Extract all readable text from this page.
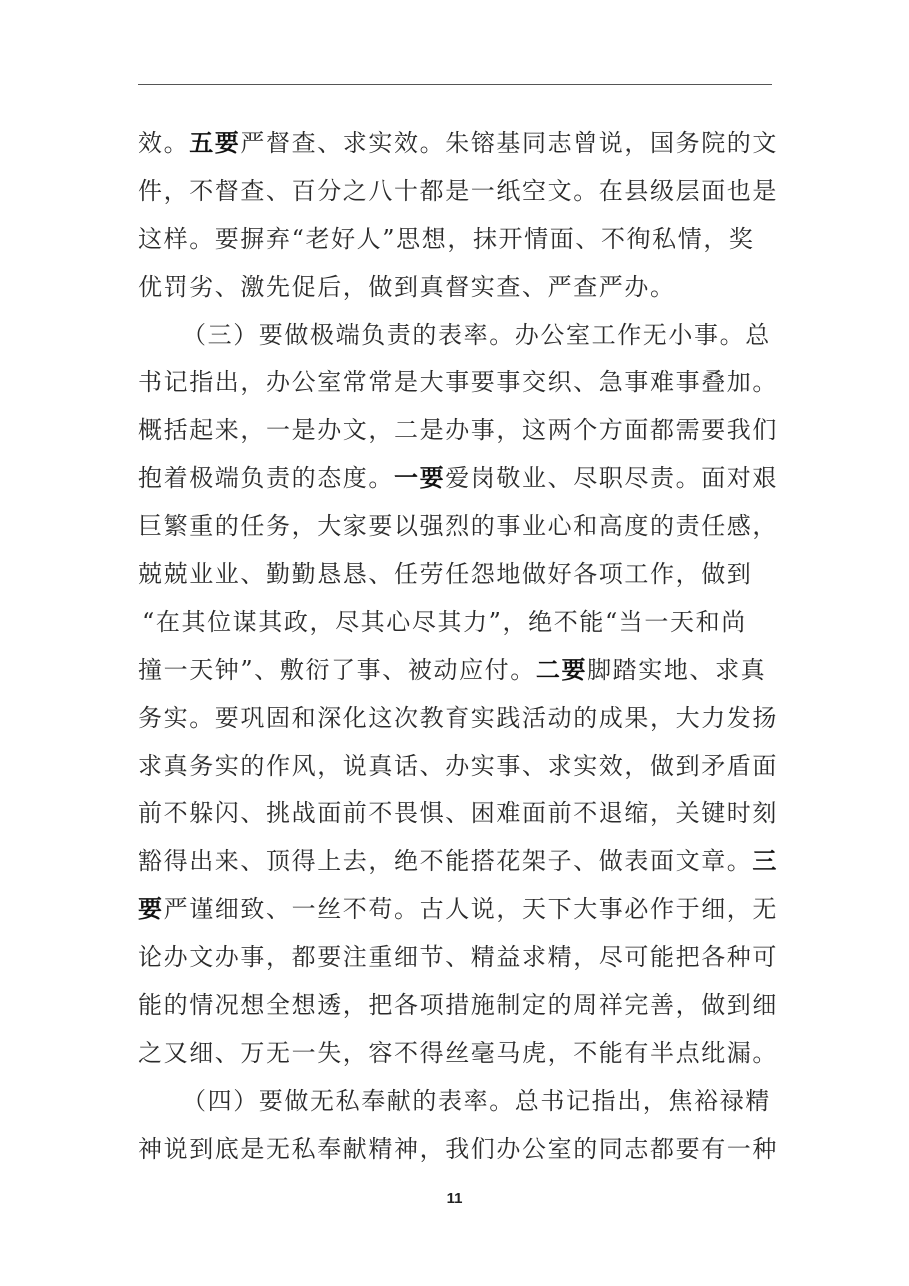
效。五要严督查、求实效。朱镕基同志曾说，国务院的文
件，不督查、百分之八十都是一纸空文。在县级层面也是
这样。要摒弃“老好人”思想，抹开情面、不徇私情，奖
优罚劣、激先促后，做到真督实查、严查严办。
（三）要做极端负责的表率。办公室工作无小事。总
书记指出，办公室常常是大事要事交织、急事难事叠加。
概括起来，一是办文，二是办事，这两个方面都需要我们
抱着极端负责的态度。一要爱岗敬业、尽职尽责。面对艰
巨繁重的任务，大家要以强烈的事业心和高度的责任感，
兢兢业业、勤勤恳恳、任劳任怨地做好各项工作，做到
“在其位谋其政，尽其心尽其力”，绝不能“当一天和尚
撞一天钟”、敷衍了事、被动应付。二要脚踏实地、求真
务实。要巩固和深化这次教育实践活动的成果，大力发扬
求真务实的作风，说真话、办实事、求实效，做到矛盾面
前不躲闪、挑战面前不畏惧、困难面前不退缩，关键时刻
豁得出来、顶得上去，绝不能搭花架子、做表面文章。三
要严谨细致、一丝不苟。古人说，天下大事必作于细，无
论办文办事，都要注重细节、精益求精，尽可能把各种可
能的情况想全想透，把各项措施制定的周祥完善，做到细
之又细、万无一失，容不得丝毫马虎，不能有半点纰漏。
（四）要做无私奉献的表率。总书记指出，焦裕禄精
神说到底是无私奉献精神，我们办公室的同志都要有一种
11
